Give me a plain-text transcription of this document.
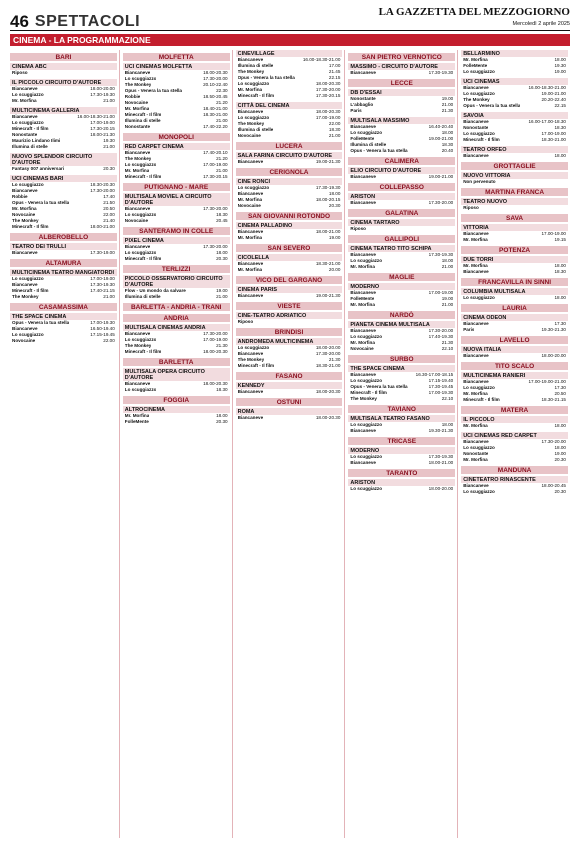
46 SPETTACOLI
LA GAZZETTA DEL MEZZOGIORNO
Mercoledì 2 aprile 2025
CINEMA - LA PROGRAMMAZIONE
BARI
CINEMA ABC
Riposo
IL PICCOLO CIRCUITO D'AUTORE
Biancaneve	18.00-20.00
Lo scuggiazzo	17.30-19.30
Mr. Morfina	21.00
MULTICINEMA GALLERIA
Biancaneve	16.00-18.30-21.00
Lo scuggiazzo	17.00-19.00
Minecraft - Il film	17.30-20.15
Nonostante	18.00-21.30
Maurizio Lindano Ilimi	19.30
Illumina di stelle	21.00
NUOVO SPLENDOR CIRCUITO D'AUTORE
Fantasy 007 anniversari	20.30
UCI CINEMAS BARI
Lo scuggiazzo	18.30-20.30
Biancaneve	17.30-20.00
Robbie	17.40
Opus - Venera la tua stella	21.50
Mr. Morfina	20.50
Novocaine	22.00
The Monkey	21.40
Minecraft - Il film	18.00-21.00
ALBEROBELLO
TEATRO DEI TRULLI
Biancaneve	17.30-19.00
ALTAMURA
MULTICINEMA TEATRO MANGIATORDI
Lo scuggiazzo	17.00-19.00
Biancaneve	17.30-19.30
Minecraft - Il film	17.40-21.15
The Monkey	21.00
CASAMASSIMA
THE SPACE CINEMA
Opus - Venera la tua stella	17.00-19.30
Biancaneve	16.50-19.40
Lo scuggiazzo	17.15-19.45
Novocaine	22.00
MOLFETTA
UCI CINEMAS MOLFETTA
Biancaneve	18.00-20.30
Lo scuggiazzo	17.30-20.00
The Monkey	20.10-22.40
Opus - Venera la tua stella	22.30
Robbie	18.50-20.45
Novocaine	21.20
Mr. Morfina	18.40-21.00
Minecraft - Il film	18.30-21.00
Illumina di stelle	21.00
Nonostante	17.40-22.20
MONOPOLI
RED CARPET CINEMA
Biancaneve	17.40-20.10
The Monkey	21.20
Lo scuggiazzo	17.00-19.00
Mr. Morfina	21.00
Minecraft - Il film	17.30-20.15
PUTIGNANO - MARE
MULTISALA MOVIEL A CIRCUITO D'AUTORE
Biancaneve	17.30-20.00
Lo scuggiazzo	18.30
Novocaine	20.45
SANTERAMO IN COLLE
PIXEL CINEMA
Biancaneve	17.30-20.00
Lo scuggiazzo	18.00
Minecraft - Il film	20.30
TERLIZZI
PICCOLO OSSERVATORIO CIRCUITO D'AUTORE
Flow - Un mondo da salvare	19.00
Illumina di stelle	21.00
BARLETTA - ANDRIA - TRANI
ANDRIA
MULTISALA CINEMAS ANDRIA
Biancaneve	17.30-20.00
Lo scuggiazzo	17.00-19.00
The Monkey	21.30
Minecraft - Il film	18.00-20.30
BARLETTA
MULTISALA OPERA CIRCUITO D'AUTORE
Biancaneve	18.00-20.30
Lo scuggiazzo	18.30
FOGGIA
ALTROCINEMA
Mr. Morfina	18.00
FolleMente	20.30
CINEVILLAGE
Biancaneve	16.00-18.30-21.00
Illumina di stelle	17.00
The Monkey	21.45
Opus - Venera la tua stella	22.15
Lo scuggiazzo	18.00-20.30
Mr. Morfina	17.30-20.00
Minecraft - Il film	17.30-20.15
CITTÀ DEL CINEMA
Biancaneve	18.00-20.30
Lo scuggiazzo	17.00-19.00
The Monkey	22.00
Illumina di stelle	18.30
Novocaine	21.00
LUCERA
SALA FARINA CIRCUITO D'AUTORE
Biancaneve	19.00-21.30
CERIGNOLA
CINE RONCI
Lo scuggiazzo	17.30-19.30
Biancaneve	18.00
Mr. Morfina	18.00-20.15
Novocaine	20.30
SAN GIOVANNI ROTONDO
CINEMA PALLADINO
Biancaneve	18.00-21.00
Mr. Morfina	19.00
SAN SEVERO
CICOLELLA
Biancaneve	18.30-21.00
Mr. Morfina	20.00
VICO DEL GARGANO
CINEMA PARIS
Biancaneve	19.00-21.30
VIESTE
CINE-TEATRO ADRIATICO
Riposo
BRINDISI
ANDROMEDA MULTICINEMA
Lo scuggiazzo	18.00-20.00
Biancaneve	17.30-20.00
The Monkey	21.30
Minecraft - Il film	18.30-21.00
FASANO
KENNEDY
Biancaneve	18.00-20.30
OSTUNI
ROMA
Biancaneve	18.00-20.30
SAN PIETRO VERNOTICO
MASSIMO - CIRCUITO D'AUTORE
Biancaneve	17.30-19.30
LECCE
DB D'ESSAI
Nonostante	19.00
L'abbaglio	21.00
Paris	21.30
MULTISALA MASSIMO
Biancaneve	16.40-20.40
Lo scuggiazzo	18.00
FolleMente	19.00-21.00
Illumina di stelle	18.30
Opus - Venera la tua stella	20.40
CALIMERA
ELIO CIRCUITO D'AUTORE
Biancaneve	19.00-21.00
COLLEPASSO
ARISTON
Biancaneve	17.30-20.00
GALATINA
CINEMA TARTARO
Riposo
GALLIPOLI
CINEMA TEATRO TITO SCHIPA
Biancaneve	17.30-19.30
Lo scuggiazzo	18.00
Mr. Morfina	21.00
MAGLIE
MODERNO
Biancaneve	17.00-19.00
FolleMente	19.00
Mr. Morfina	21.00
NARDÒ
PIANETA CINEMA MULTISALA
Biancaneve	17.30-20.00
Lo scuggiazzo	17.40-19.30
Mr. Morfina	21.30
Novocaine	22.10
SURBO
THE SPACE CINEMA
Biancaneve	16.30-17.00-18.15
Lo scuggiazzo	17.15-19.40
Opus - Venera la tua stella	17.30-19.45
Minecraft - Il film	17.00-19.30
The Monkey	22.10
TAVIANO
MULTISALA TEATRO FASANO
Lo scuggiazzo	18.00
Biancaneve	19.30-21.30
TRICASE
MODERNO
Lo scuggiazzo	17.30-19.30
Biancaneve	18.00-21.00
TARANTO
ARISTON
Lo scuggiazzo	18.00-20.00
BELLARMINO
Mr. Morfina	18.00
FolleMente	19.30
Lo scuggiazzo	19.00
UCI CINEMAS
Biancaneve	16.00-18.30-21.00
Lo scuggiazzo	19.00-21.00
The Monkey	20.20-22.40
Opus - Venera la tua stella	22.15
SAVOIA
Biancaneve	16.00-17.00-18.30
Nonostante	18.30
Lo scuggiazzo	17.00-19.00
Minecraft - Il film	18.30-21.00
TEATRO ORFEO
Biancaneve	18.00
GROTTAGLIE
NUOVO VITTORIA
Non pervenuto
MARTINA FRANCA
TEATRO NUOVO
Riposo
SAVA
VITTORIA
Biancaneve	17.00-19.00
Mr. Morfina	19.15
POTENZA
DUE TORRI
Mr. Morfina	18.00
Biancaneve	18.30
FRANCAVILLA IN SINNI
COLUMBIA MULTISALA
Lo scuggiazzo	18.00
LAURIA
CINEMA ODEON
Biancaneve	17.30
Paris	19.30-21.30
LAVELLO
NUOVA ITALIA
Biancaneve	18.00-20.00
TITO SCALO
MULTICINEMA RANIERI
Biancaneve	17.00-19.00-21.00
Lo scuggiazzo	17.30
Mr. Morfina	20.50
Minecraft - Il film	18.30-21.15
MATERA
IL PICCOLO
Mr. Morfina	18.00
UCI CINEMAS RED CARPET
Biancaneve	17.30-20.00
Lo scuggiazzo	18.00
Nonostante	19.00
Mr. Morfina	20.30
MANDUNA
CINETEATRO RINASCENTE
Biancaneve	18.00-20.45
Lo scuggiazzo	20.30
